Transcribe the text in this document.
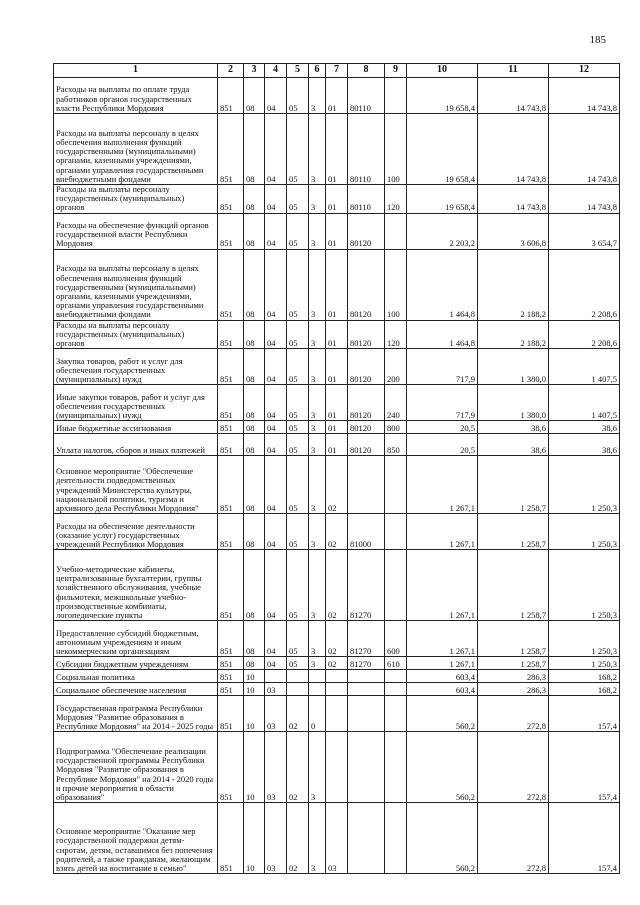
185
1	2	3	4	5	6	7	8	9	10	11	12
Расходы на выплаты по оплате труда работников органов государственных власти Республики Мордовия	851	08	04	05	3	01	80110		19 658,4	14 743,8	14 743,8
Расходы на выплаты персоналу в целях обеспечения выполнения функций государственными (муниципальными) органами, казенными учреждениями, органами управления государственными внебюджетными фондами	851	08	04	05	3	01	80110	100	19 658,4	14 743,8	14 743,8
Расходы на выплаты персоналу государственных (муниципальных) органов	851	08	04	05	3	01	80110	120	19 658,4	14 743,8	14 743,8
Расходы на обеспечение функций органов государственной власти Республики Мордовия	851	08	04	05	3	01	80120		2 203,2	3 606,8	3 654,7
Расходы на выплаты персоналу в целях обеспечения выполнения функций государственными (муниципальными) органами, казенными учреждениями, органами управления государственными внебюджетными фондами	851	08	04	05	3	01	80120	100	1 464,8	2 188,2	2 208,6
Расходы на выплаты персоналу государственных (муниципальных) органов	851	08	04	05	3	01	80120	120	1 464,8	2 188,2	2 208,6
Закупка товаров, работ и услуг для обеспечения государственных (муниципальных) нужд	851	08	04	05	3	01	80120	200	717,9	1 380,0	1 407,5
Иные закупки товаров, работ и услуг для обеспечения государственных (муниципальных) нужд	851	08	04	05	3	01	80120	240	717,9	1 380,0	1 407,5
Иные бюджетные ассигнования	851	08	04	05	3	01	80120	800	20,5	38,6	38,6
Уплата налогов, сборов и иных платежей	851	08	04	05	3	01	80120	850	20,5	38,6	38,6
Основное мероприятие "Обеспечение деятельности подведомственных учреждений Министерства культуры, национальной политики, туризма и архивного дела Республики Мордовия"	851	08	04	05	3	02			1 267,1	1 258,7	1 250,3
Расходы на обеспечение деятельности (оказание услуг) государственных учреждений Республики Мордовия	851	08	04	05	3	02	81000		1 267,1	1 258,7	1 250,3
Учебно-методические кабинеты, централизованные бухгалтерии, группы хозяйственного обслуживания, учебные фильмотеки, межшкольные учебно-производственные комбинаты, логопедические пункты	851	08	04	05	3	02	81270		1 267,1	1 258,7	1 250,3
Предоставление субсидий бюджетным, автономным учреждениям и иным некоммерческим организациям	851	08	04	05	3	02	81270	600	1 267,1	1 258,7	1 250,3
Субсидии бюджетным учреждениям	851	08	04	05	3	02	81270	610	1 267,1	1 258,7	1 250,3
Социальная политика	851	10							603,4	286,3	168,2
Социальное обеспечение населения	851	10	03						603,4	286,3	168,2
Государственная программа Республики Мордовия "Развитие образования в Республике Мордовия" на 2014 - 2025 годы	851	10	03	02	0				560,2	272,8	157,4
Подпрограмма "Обеспечение реализации государственной программы Республики Мордовия "Развитие образования в Республике Мордовия" на 2014 - 2020 годы и прочие мероприятия в области образования"	851	10	03	02	3				560,2	272,8	157,4
Основное мероприятие "Оказание мер государственной поддержки детям-сиротам, детям, оставшимся без попечения родителей, а также гражданам, желающим взять детей на воспитание в семью"	851	10	03	02	3	03			560,2	272,8	157,4
